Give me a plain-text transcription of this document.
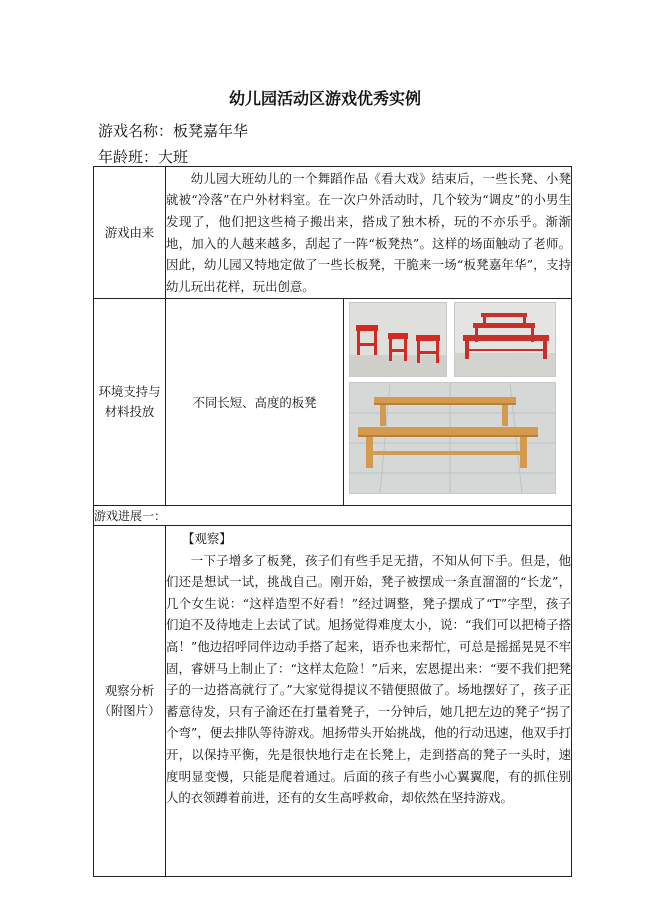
幼儿园活动区游戏优秀实例
游戏名称：板凳嘉年华
年龄班：大班
游戏由来	幼儿园大班幼儿的一个舞蹈作品《看大戏》结束后，一些长凳、小凳就被“冷落”在户外材料室。在一次户外活动时，几个较为“调皮”的小男生发现了，他们把这些椅子搬出来，搭成了独木桥，玩的不亦乐乎。渐渐地，加入的人越来越多，刮起了一阵“板凳热”。这样的场面触动了老师。因此，幼儿园又特地定做了一些长板凳，干脆来一场“板凳嘉年华”，支持幼儿玩出花样，玩出创意。

环境支持与材料投放	不同长短、高度的板凳

游戏进展一：	
观察分析（附图片）	【观察】

一下子增多了板凳，孩子们有些手足无措，不知从何下手。但是，他们还是想试一试，挑战自己。刚开始，凳子被摆成一条直溜溜的“长龙”，几个女生说：“这样造型不好看！”经过调整，凳子摆成了“T”字型，孩子们迫不及待地走上去试了试。旭扬觉得难度太小，说：“我们可以把椅子搭高！”他边招呼同伴边动手搭了起来，语乔也来帮忙，可总是摇摇晃晃不牢固，睿妍马上制止了：“这样太危险！”后来，宏恩提出来：“要不我们把凳子的一边搭高就行了。”大家觉得提议不错便照做了。场地摆好了，孩子正蓄意待发，只有子渝还在打量着凳子，一分钟后，她几把左边的凳子“拐了个弯”，便去排队等待游戏。旭扬带头开始挑战，他的行动迅速，他双手打开，以保持平衡，先是很快地行走在长凳上，走到搭高的凳子一头时，速度明显变慢，只能是爬着通过。后面的孩子有些小心翼翼爬，有的抓住别人的衣领蹲着前进，还有的女生高呼救命，却依然在坚持游戏。
